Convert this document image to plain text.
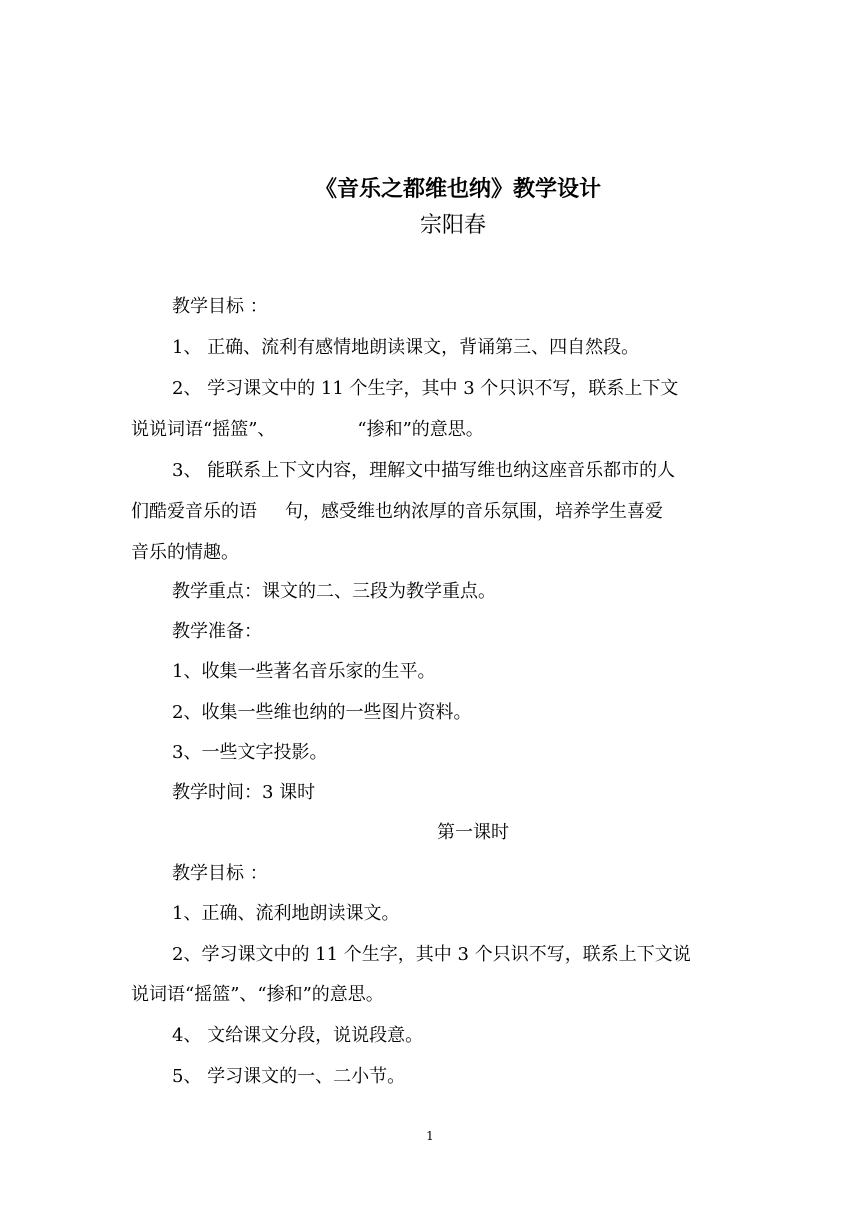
《音乐之都维也纳》教学设计
宗阳春
教学目标 ：
1、 正确、流利有感情地朗读课文，背诵第三、四自然段。
2、 学习课文中的 11 个生字，其中 3 个只识不写，联系上下文
说说词语“摇篮”、	“掺和”的意思。
3、 能联系上下文内容，理解文中描写维也纳这座音乐都市的人
们酷爱音乐的语 句，感受维也纳浓厚的音乐氛围，培养学生喜爱
音乐的情趣。
教学重点：课文的二、三段为教学重点。
教学准备：
1、收集一些著名音乐家的生平。
2、收集一些维也纳的一些图片资料。
3、一些文字投影。
教学时间：3 课时
第一课时
教学目标 ：
1、正确、流利地朗读课文。
2、学习课文中的 11 个生字，其中 3 个只识不写，联系上下文说
说词语“摇篮”、“掺和”的意思。
4、 文给课文分段，说说段意。
5、 学习课文的一、二小节。
1
